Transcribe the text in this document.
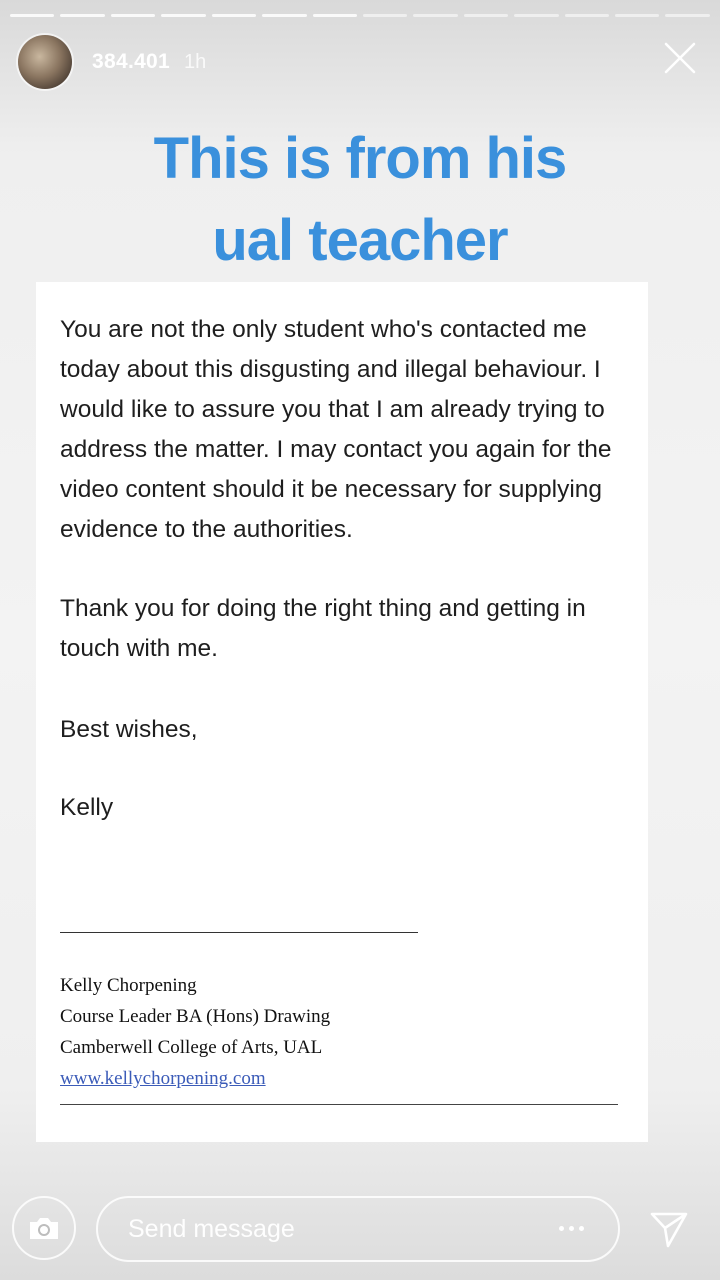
384.401 1h
This is from his
ual teacher

You are not the only student who's contacted me today about this disgusting and illegal behaviour. I would like to assure you that I am already trying to address the matter. I may contact you again for the video content should it be necessary for supplying evidence to the authorities.

Thank you for doing the right thing and getting in touch with me.

Best wishes,

Kelly

Kelly Chorpening
Course Leader BA (Hons) Drawing
Camberwell College of Arts, UAL
www.kellychorpening.com
Send message
